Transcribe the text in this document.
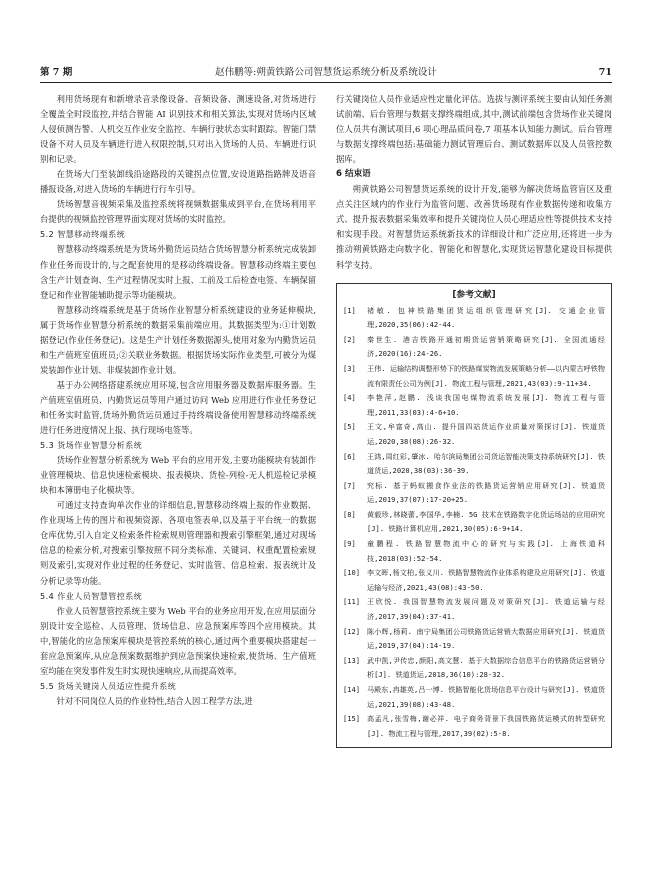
第 7 期	赵伟鹏等:朔黄铁路公司智慧货运系统分析及系统设计	71

利用货场现有和新增录音录像设备、音频设备、测速设备,对货场进行全覆盖全时段监控,并结合智能 AI 识别技术和相关算法,实现对货场内区域人侵侦测告警、人机交互作业安全监控、车辆行驶状态实时跟踪。智能门禁设备不对人员及车辆进行进入权限控制,只对出入货场的人员、车辆进行识别和记录。

在货场大门至装卸线沿途路段的关键拐点位置,安设道路指路牌及语音播报设备,对进入货场的车辆进行行车引导。

货场智慧音视频采集及监控系统将视频数据集成到平台,在货场利用平台提供的视频监控管理界面实现对货场的实时监控。

5.2 智慧移动终端系统

智慧移动终端系统是为货场外勤货运员结合货场智慧分析系统完成装卸作业任务而设计的,与之配套使用的是移动终端设备。智慧移动终端主要包含生产计划查询、生产过程情况实时上报、工前及工后检查电签、车辆保留登记和作业智能辅助提示等功能模块。

智慧移动终端系统是基于货场作业智慧分析系统建设的业务延伸模块,属于货场作业智慧分析系统的数据采集前端应用。其数据类型为:①计划数据登记(作业任务登记)。这是生产计划任务数据源头,使用对象为内勤货运员和生产值班室值班员;②关联业务数据。根据货场实际作业类型,可被分为煤炭装卸作业计划、非煤装卸作业计划。

基于办公网络搭建系统应用环境,包含应用服务器及数据库服务器。生产值班室值班员、内勤货运员等用户通过访问 Web 应用进行作业任务登记和任务实时监管,货场外勤货运员通过手持终端设备使用智慧移动终端系统进行任务进度情况上报、执行现场电签等。

5.3 货场作业智慧分析系统

货场作业智慧分析系统为 Web 平台的应用开发,主要功能模块有装卸作业管理模块、信息快速检索模块、报表模块、货检-列检-无人机巡检记录模块和本簿册电子化模块等。

可通过支持查询单次作业的详细信息,智慧移动终端上报的作业数据、作业现场上传的图片和视频资源、各项电签表单,以及基于平台统一的数据仓库优势,引入自定义检索条件检索规则管理器和搜索引擎框架,通过对现场信息的检索分析,对搜索引擎按照不同分类标准、关键词、权重配置检索规则及索引,实现对作业过程的任务登记、实时监管、信息检索、报表统计及分析记录等功能。

5.4 作业人员智慧管控系统

作业人员智慧管控系统主要为 Web 平台的业务应用开发,在应用层面分别设计安全巡检、人员管理、货场信息、应急预案库等四个应用模块。其中,智能化的应急预案库模块是管控系统的核心,通过两个重要模块搭建起一套应急预案库,从应急预案数据维护到应急预案快速检索,使货场、生产值班室均能在突发事件发生时实现快速响应,从而提高效率。

5.5 货场关键岗人员适应性提升系统

针对不同岗位人员的作业特性,结合人因工程学方法,进

行关键岗位人员作业适应性定量化评估。选拔与测评系统主要由认知任务测试前端、后台管理与数据支撑终端组成,其中,测试前端包含货场作业关键岗位人员共有测试项目,6 项心理品质问卷,7 项基本认知能力测试。后台管理与数据支撑终端包括:基础能力测试管理后台、测试数据库以及人员管控数据库。

6 结束语

朔黄铁路公司智慧货运系统的设计开发,能够为解决货场监管盲区及重点关注区域内的作业行为监管问题、改善货场现有作业数据传递和收集方式、提升报表数据采集效率和提升关键岗位人员心理适应性等提供技术支持和实现手段。对智慧货运系统新技术的详细设计和广泛应用,还将进一步为推动朔黄铁路走向数字化、智能化和智慧化,实现货运智慧化建设目标提供科学支持。

[参考文献]
[1]	褚敏. 包神铁路集团货运组织管理研究[J]. 交通企业管理,2020,35(06):42-44.
[2]	秦世生. 港吉铁路开通初期货运营销策略研究[J]. 全国流通经济,2020(16):24-26.
[3]	王伟. 运输结构调整形势下的铁路煤炭物流发展策略分析——以内蒙古呼铁物流有限责任公司为例[J]. 物流工程与管理,2021,43(03):9-11+34.
[4]	李艳萍,赵鹏. 浅谈我国电煤物流系统发展[J]. 物流工程与管理,2011,33(03):4-6+10.
[5]	王文,牟富奇,高山. 提升国四站货运作业质量对策探讨[J]. 铁道货运,2020,38(08):26-32.
[6]	王鸿,周红彩,肇冰. 哈尔滨局集团公司货运智能决策支持系统研究[J]. 铁道货运,2020,38(03):36-39.
[7]	究标. 基于蚂蚁搬食作业法的铁路货运营销应用研究[J]. 铁道货运,2019,37(07):17-20+25.
[8]	黄毅珍,林晓蕾,李国华,李楠. 5G 技术在铁路数字化货运场站的应用研究[J]. 铁路计算机应用,2021,30(05):6-9+14.
[9]	童鹏程. 铁路智慧物流中心的研究与实践[J]. 上海铁道科技,2018(03):52-54.
[10] 李文晖,杨文柏,张义川. 铁路智慧物流作业体系构建及应用研究[J]. 铁道运输与经济,2021,43(08):43-50.
[11] 王欣悦. 我国智慧物流发展问题及对策研究[J]. 铁道运输与经济,2017,39(04):37-41.
[12] 陈小辉,杨莉. 南宁局集团公司铁路货运营销大数据应用研究[J]. 铁道货运,2019,37(04):14-19.
[13] 武中凯,尹传忠,颜阳,高文慧. 基于大数据综合信息平台的铁路货运营销分析[J]. 铁道货运,2018,36(10):28-32.
[14] 马殿东,冉雄英,吕一博. 铁路智能化货场信息平台设计与研究[J]. 铁道货运,2021,39(08):43-48.
[15] 高孟凡,张雪梅,谢必祥. 电子商务背景下我国铁路货运模式的转型研究[J]. 物流工程与管理,2017,39(02):5-8.
